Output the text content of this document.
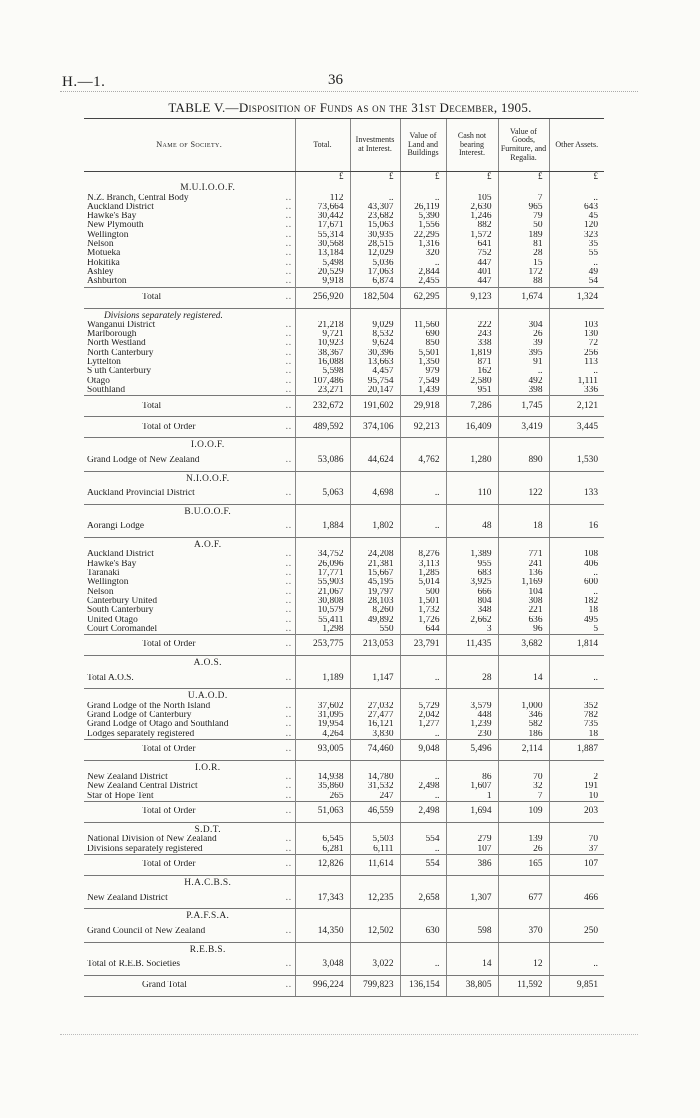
H.—1.	36
TABLE V.—Disposition of Funds as on the 31st December, 1905.
Name of Society.	Total.	Investments at Interest.	Value of Land and Buildings	Cash not bearing Interest.	Value of Goods, Furniture, and Regalia.	Other Assets.
	£	£	£	£	£	£
M.U.I.O.O.F.						

N.Z. Branch, Central Body ‥	112	..	..	105	7	..

Auckland District ‥	73,664	43,307	26,119	2,630	965	643

Hawke's Bay ‥	30,442	23,682	5,390	1,246	79	45

New Plymouth ‥	17,671	15,063	1,556	882	50	120

Wellington ‥	55,314	30,935	22,295	1,572	189	323

Nelson ‥	30,568	28,515	1,316	641	81	35

Motueka ‥	13,184	12,029	320	752	28	55

Hokitika ‥	5,498	5,036	..	447	15	..

Ashley ‥	20,529	17,063	2,844	401	172	49

Ashburton ‥	9,918	6,874	2,455	447	88	54

Total ‥	256,920	182,504	62,295	9,123	1,674	1,324
Divisions separately registered.						

Wanganui District ‥	21,218	9,029	11,560	222	304	103

Marlborough ‥	9,721	8,532	690	243	26	130

North Westland ‥	10,923	9,624	850	338	39	72

North Canterbury ‥	38,367	30,396	5,501	1,819	395	256

Lyttelton ‥	16,088	13,663	1,350	871	91	113

S uth Canterbury ‥	5,598	4,457	979	162	..	..

Otago ‥	107,486	95,754	7,549	2,580	492	1,111

Southland ‥	23,271	20,147	1,439	951	398	336

Total ‥	232,672	191,602	29,918	7,286	1,745	2,121

Total of Order ‥	489,592	374,106	92,213	16,409	3,419	3,445
I.O.O.F.						

Grand Lodge of New Zealand ‥	53,086	44,624	4,762	1,280	890	1,530
N.I.O.O.F.						

Auckland Provincial District ‥	5,063	4,698	..	110	122	133
B.U.O.O.F.						

Aorangi Lodge ‥	1,884	1,802	..	48	18	16
A.O.F.						

Auckland District ‥	34,752	24,208	8,276	1,389	771	108

Hawke's Bay ‥	26,096	21,381	3,113	955	241	406

Taranaki ‥	17,771	15,667	1,285	683	136	..

Wellington ‥	55,903	45,195	5,014	3,925	1,169	600

Nelson ‥	21,067	19,797	500	666	104	..

Canterbury United ‥	30,808	28,103	1,501	804	308	182

South Canterbury ‥	10,579	8,260	1,732	348	221	18

United Otago ‥	55,411	49,892	1,726	2,662	636	495

Court Coromandel ‥	1,298	550	644	3	96	5

Total of Order ‥	253,775	213,053	23,791	11,435	3,682	1,814
A.O.S.						

Total A.O.S. ‥	1,189	1,147	..	28	14	..
U.A.O.D.						

Grand Lodge of the North Island ‥	37,602	27,032	5,729	3,579	1,000	352

Grand Lodge of Canterbury ‥	31,095	27,477	2,042	448	346	782

Grand Lodge of Otago and Southland ‥	19,954	16,121	1,277	1,239	582	735

Lodges separately registered ‥	4,264	3,830	..	230	186	18

Total of Order ‥	93,005	74,460	9,048	5,496	2,114	1,887
I.O.R.						

New Zealand District ‥	14,938	14,780	..	86	70	2

New Zealand Central District ‥	35,860	31,532	2,498	1,607	32	191

Star of Hope Tent ‥	265	247	..	1	7	10

Total of Order ‥	51,063	46,559	2,498	1,694	109	203
S.D.T.						

National Division of New Zealand ‥	6,545	5,503	554	279	139	70

Divisions separately registered ‥	6,281	6,111	..	107	26	37

Total of Order ‥	12,826	11,614	554	386	165	107
H.A.C.B.S.						

New Zealand District ‥	17,343	12,235	2,658	1,307	677	466
P.A.F.S.A.						

Grand Council of New Zealand ‥	14,350	12,502	630	598	370	250
R.E.B.S.						

Total of R.E.B. Societies ‥	3,048	3,022	..	14	12	..

Grand Total ‥	996,224	799,823	136,154	38,805	11,592	9,851
